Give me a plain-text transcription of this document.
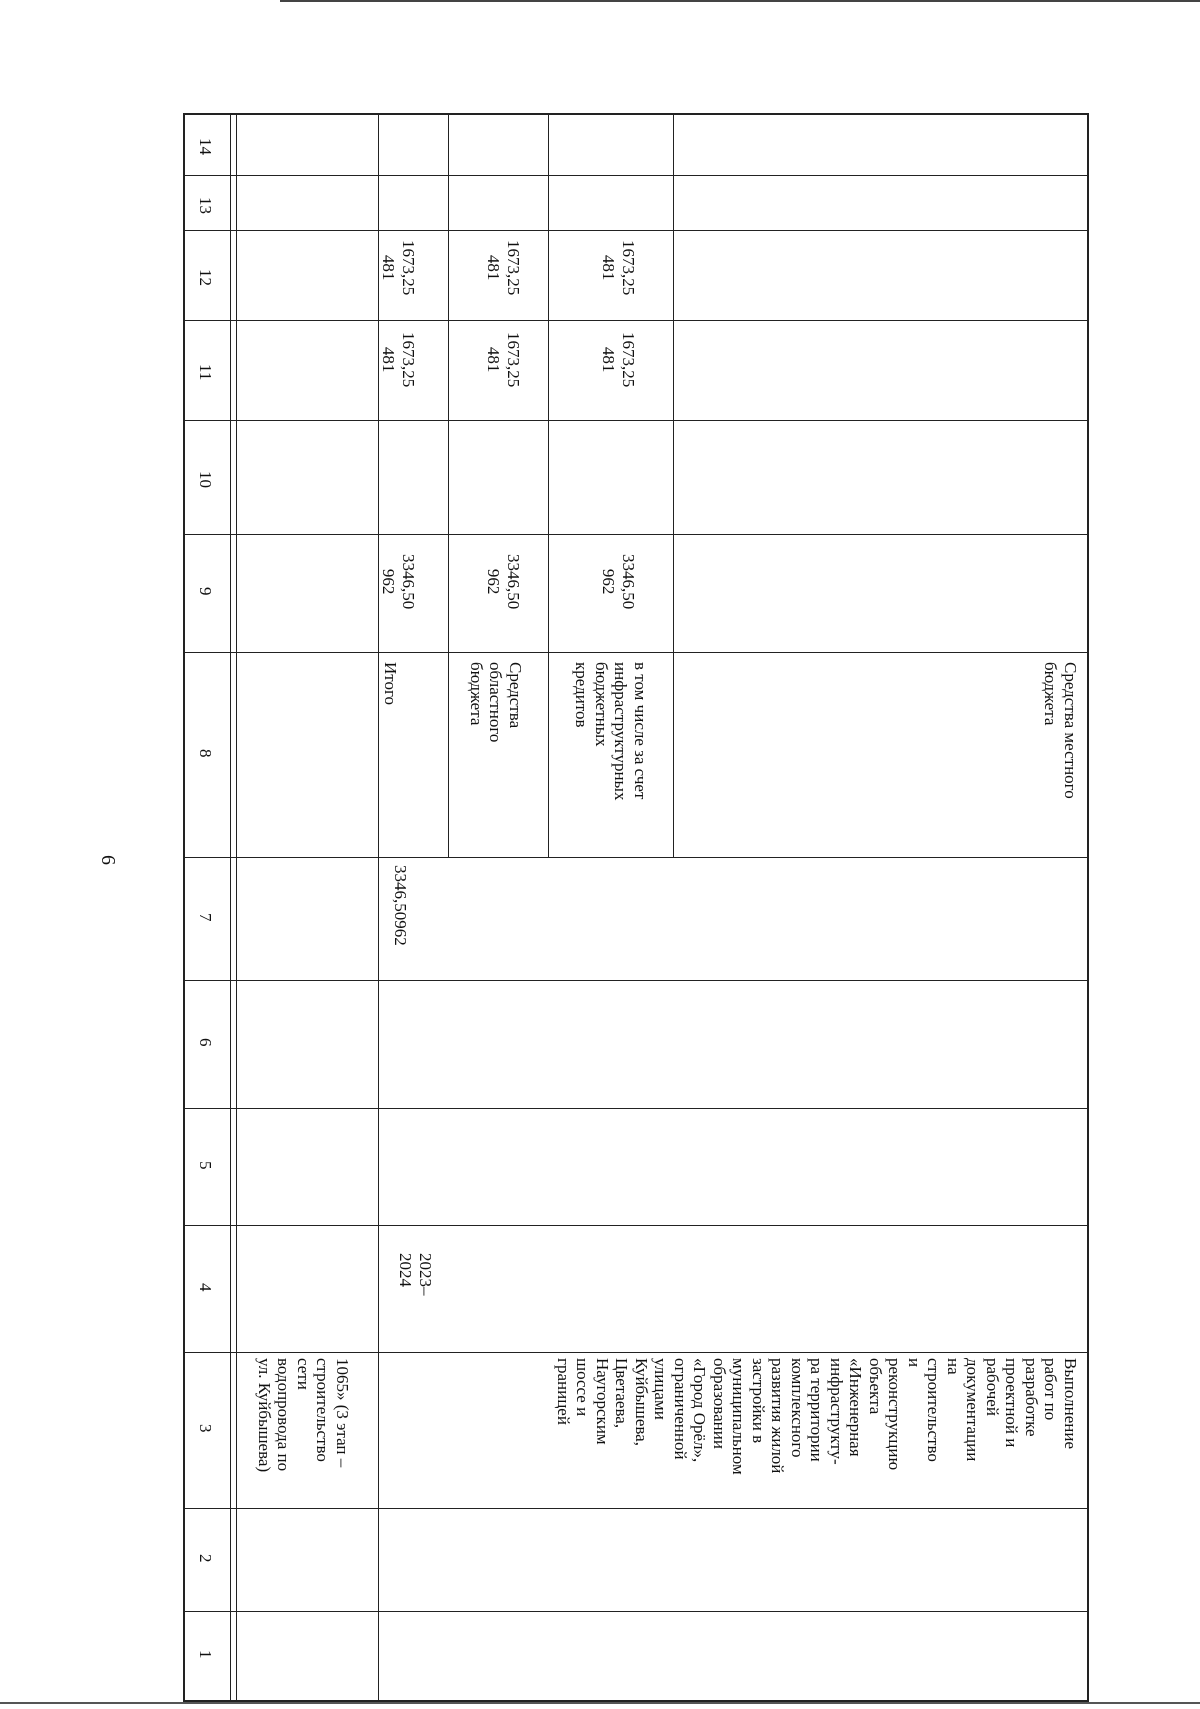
6
14
13
12
11
10
9
8
7
6
5
4
3
2
1
1065» (3 этап –
строительство
сети
водопровода по
ул. Куйбышева)	Выполнение
работ по
разработке
проектной и
рабочей
документации
на
строительство
и
реконструкцию
объекта
«Инженерная
инфраструкту-
ра территории
комплексного
развития жилой
застройки в
муниципальном
образовании
«Город Орёл»,
ограниченной
улицами
Куйбышева,
Цветаева,
Наугорским
шоссе и
границей
2023–
2024
3346,50962
Итого
3346,50
962
1673,25
481
1673,25
481
Средства
областного
бюджета
3346,50
962
1673,25
481
1673,25
481
в том числе за счет
инфраструктурных
бюджетных
кредитов
3346,50
962
1673,25
481
1673,25
481
Средства местного
бюджета
